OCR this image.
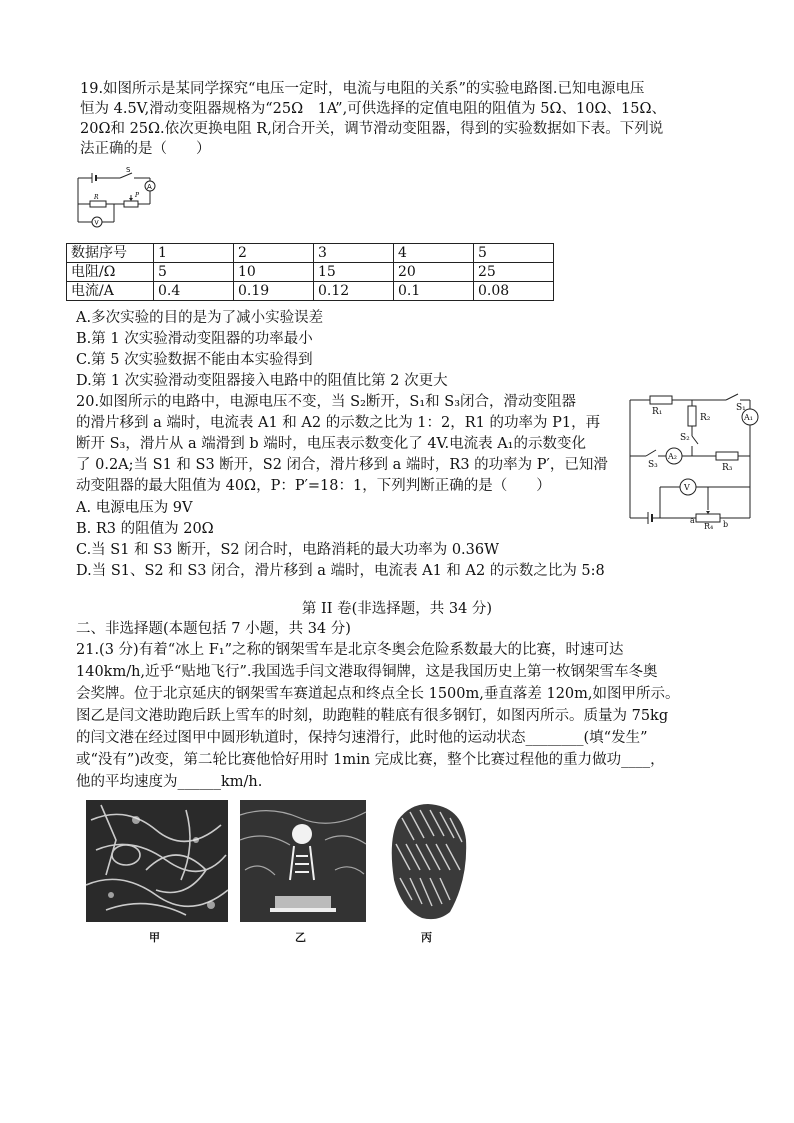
19.如图所示是某同学探究“电压一定时，电流与电阻的关系”的实验电路图.已知电源电压
恒为 4.5V,滑动变阻器规格为“25Ω　1A”,可供选择的定值电阻的阻值为 5Ω、10Ω、15Ω、
20Ω和 25Ω.依次更换电阻 R,闭合开关，调节滑动变阻器，得到的实验数据如下表。下列说
法正确的是（　　）
S
A
R	P
V
数据序号	1	2	3	4	5
电阻/Ω	5	10	15	20	25
电流/A	0.4	0.19	0.12	0.1	0.08
A.多次实验的目的是为了减小实验误差
B.第 1 次实验滑动变阻器的功率最小
C.第 5 次实验数据不能由本实验得到
D.第 1 次实验滑动变阻器接入电路中的阻值比第 2 次更大
20.如图所示的电路中，电源电压不变，当 S₂断开，S₁和 S₃闭合，滑动变阻器
的滑片移到 a 端时，电流表 A1 和 A2 的示数之比为 1：2，R1 的功率为 P1，再
断开 S₃，滑片从 a 端滑到 b 端时，电压表示数变化了 4V.电流表 A₁的示数变化
了 0.2A;当 S1 和 S3 断开，S2 闭合，滑片移到 a 端时，R3 的功率为 P′，已知滑
动变阻器的最大阻值为 40Ω，P：P′=18：1，下列判断正确的是（　　）
A. 电源电压为 9V
B. R3 的阻值为 20Ω
C.当 S1 和 S3 断开，S2 闭合时，电路消耗的最大功率为 0.36W
D.当 S1、S2 和 S3 闭合，滑片移到 a 端时，电流表 A1 和 A2 的示数之比为 5:8
R₁
R₂
R₃
R₄
S₁
S₂
S₃
A₁
A₂
V
a	b
第 II 卷(非选择题，共 34 分)
二、非选择题(本题包括 7 小题，共 34 分)
21.(3 分)有着“冰上 F₁”之称的钢架雪车是北京冬奥会危险系数最大的比赛，时速可达
140km/h,近乎“贴地飞行”.我国选手闫文港取得铜牌，这是我国历史上第一枚钢架雪车冬奥
会奖牌。位于北京延庆的钢架雪车赛道起点和终点全长 1500m,垂直落差 120m,如图甲所示。
图乙是闫文港助跑后跃上雪车的时刻，助跑鞋的鞋底有很多钢钉，如图丙所示。质量为 75kg
的闫文港在经过图甲中圆形轨道时，保持匀速滑行，此时他的运动状态________(填“发生”
或“没有”)改变，第二轮比赛他恰好用时 1min 完成比赛，整个比赛过程他的重力做功____，
他的平均速度为______km/h.
甲	乙	丙
